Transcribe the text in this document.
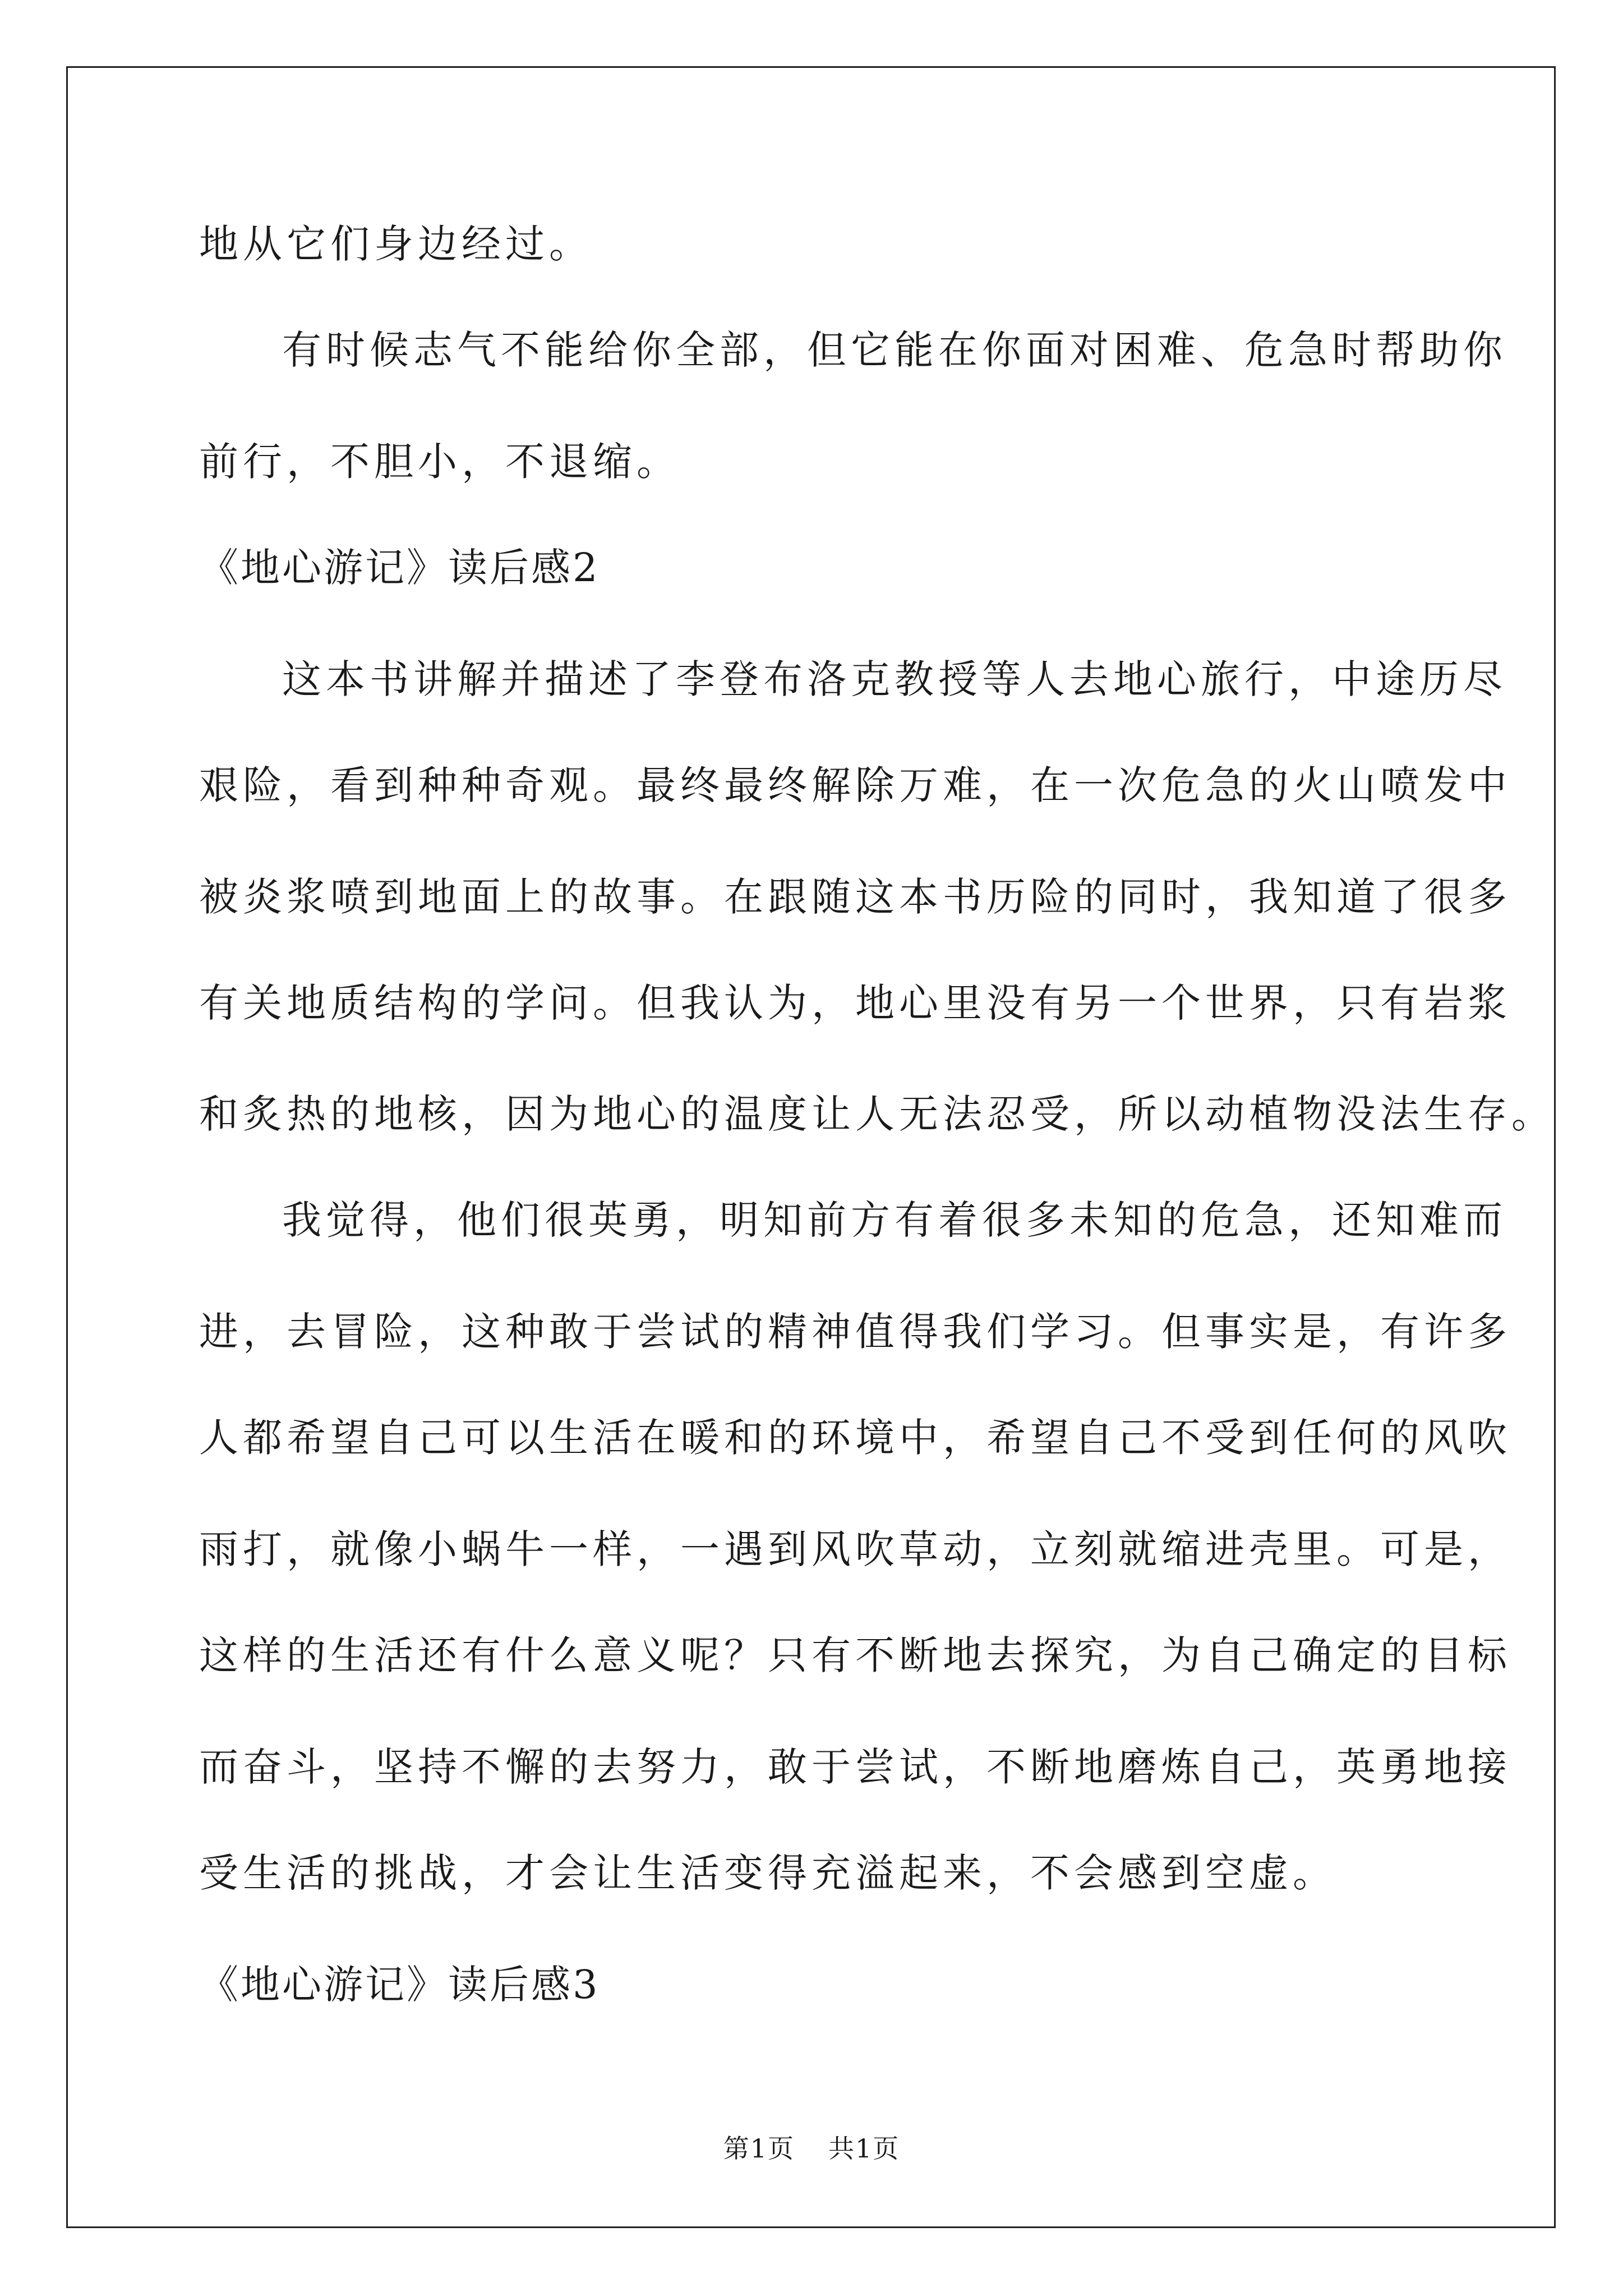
地从它们身边经过。
有时候志气不能给你全部，但它能在你面对困难、危急时帮助你
前行，不胆小，不退缩。
《地心游记》读后感2
这本书讲解并描述了李登布洛克教授等人去地心旅行，中途历尽
艰险，看到种种奇观。最终最终解除万难，在一次危急的火山喷发中
被炎浆喷到地面上的故事。在跟随这本书历险的同时，我知道了很多
有关地质结构的学问。但我认为，地心里没有另一个世界，只有岩浆
和炙热的地核，因为地心的温度让人无法忍受，所以动植物没法生存。
我觉得，他们很英勇，明知前方有着很多未知的危急，还知难而
进，去冒险，这种敢于尝试的精神值得我们学习。但事实是，有许多
人都希望自己可以生活在暖和的环境中，希望自己不受到任何的风吹
雨打，就像小蜗牛一样，一遇到风吹草动，立刻就缩进壳里。可是，
这样的生活还有什么意义呢？只有不断地去探究，为自己确定的目标
而奋斗，坚持不懈的去努力，敢于尝试，不断地磨炼自己，英勇地接
受生活的挑战，才会让生活变得充溢起来，不会感到空虚。
《地心游记》读后感3
第1页 共1页
